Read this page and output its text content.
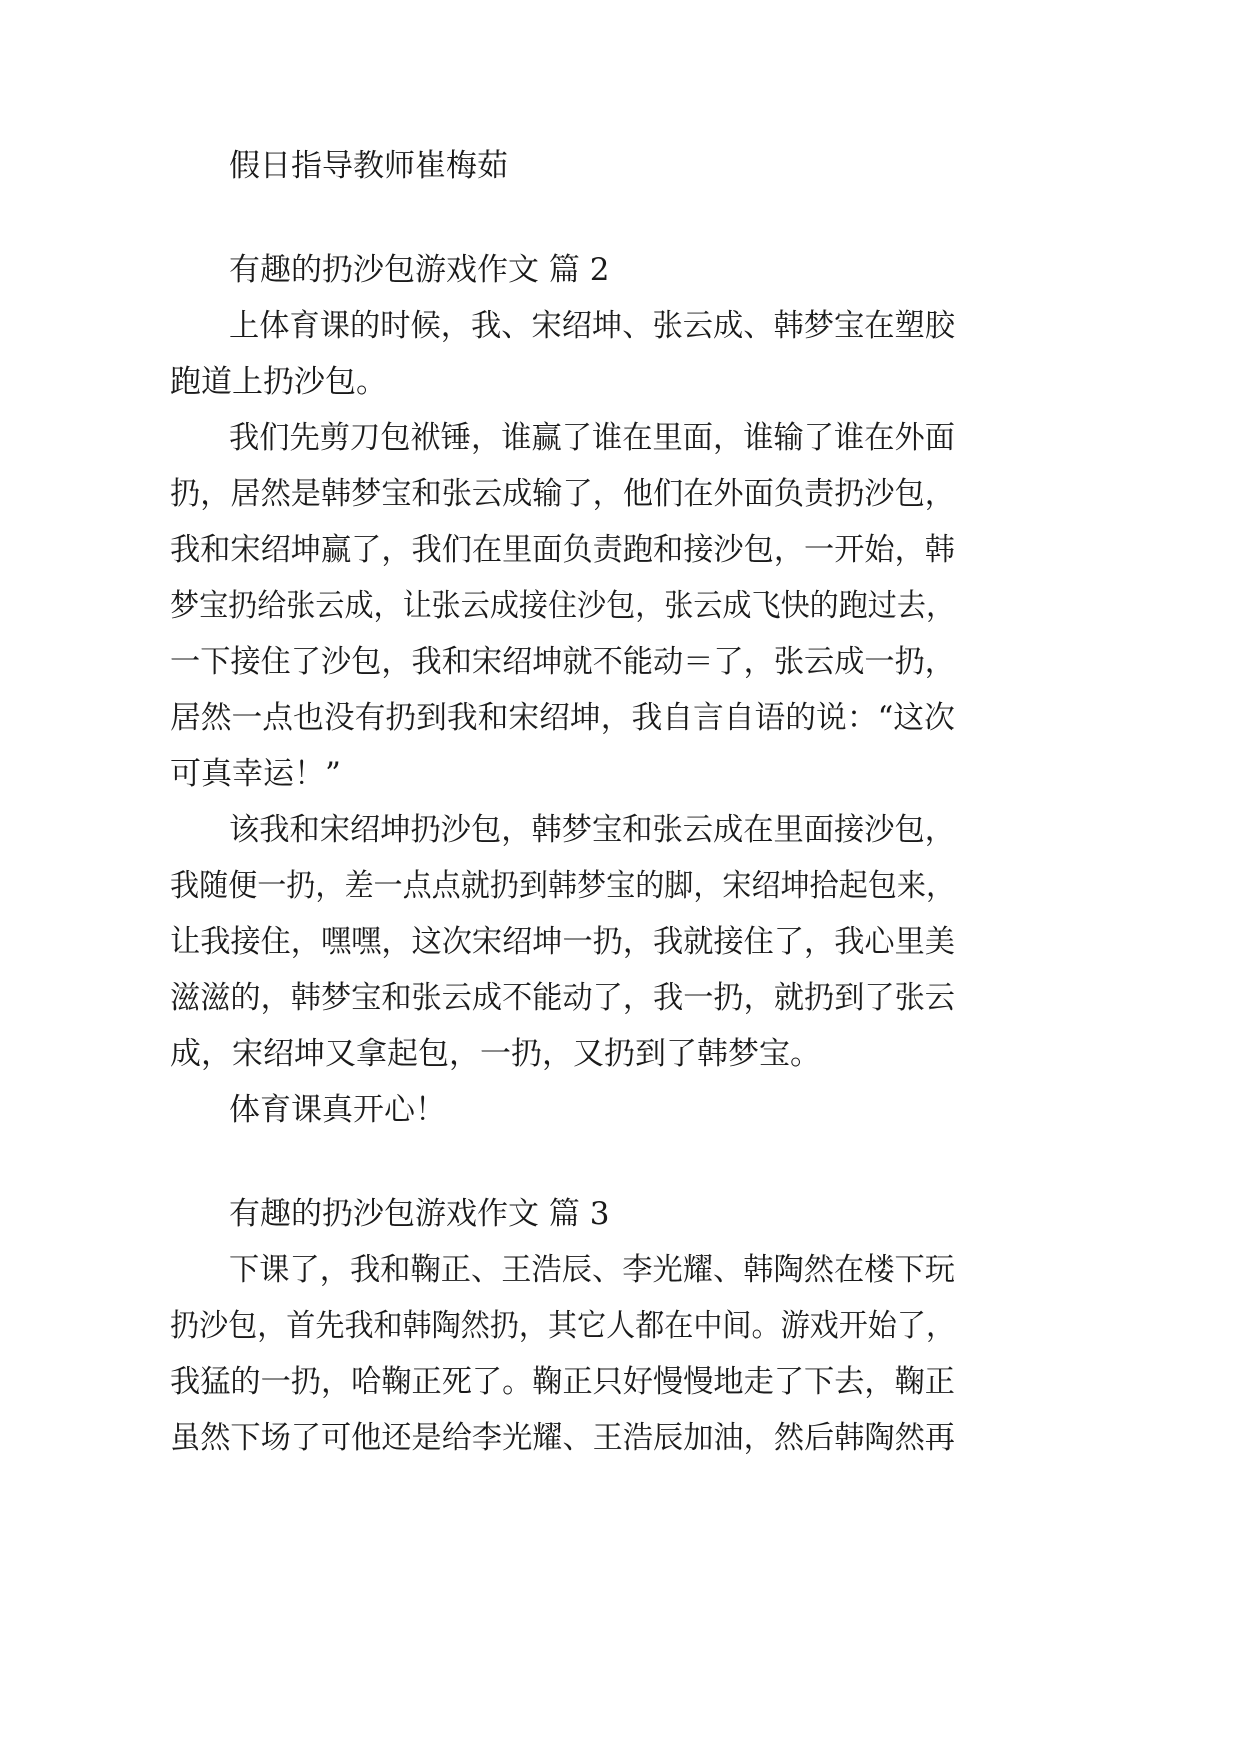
假日指导教师崔梅茹
有趣的扔沙包游戏作文 篇 2
上体育课的时候，我、宋绍坤、张云成、韩梦宝在塑胶
跑道上扔沙包。
我们先剪刀包袱锤，谁赢了谁在里面，谁输了谁在外面
扔，居然是韩梦宝和张云成输了，他们在外面负责扔沙包，
我和宋绍坤赢了，我们在里面负责跑和接沙包，一开始，韩
梦宝扔给张云成，让张云成接住沙包，张云成飞快的跑过去，
一下接住了沙包，我和宋绍坤就不能动＝了，张云成一扔，
居然一点也没有扔到我和宋绍坤，我自言自语的说：“这次
可真幸运！”
该我和宋绍坤扔沙包，韩梦宝和张云成在里面接沙包，
我随便一扔，差一点点就扔到韩梦宝的脚，宋绍坤拾起包来，
让我接住，嘿嘿，这次宋绍坤一扔，我就接住了，我心里美
滋滋的，韩梦宝和张云成不能动了，我一扔，就扔到了张云
成，宋绍坤又拿起包，一扔，又扔到了韩梦宝。
体育课真开心！
有趣的扔沙包游戏作文 篇 3
下课了，我和鞠正、王浩辰、李光耀、韩陶然在楼下玩
扔沙包，首先我和韩陶然扔，其它人都在中间。游戏开始了，
我猛的一扔，哈鞠正死了。鞠正只好慢慢地走了下去，鞠正
虽然下场了可他还是给李光耀、王浩辰加油，然后韩陶然再
